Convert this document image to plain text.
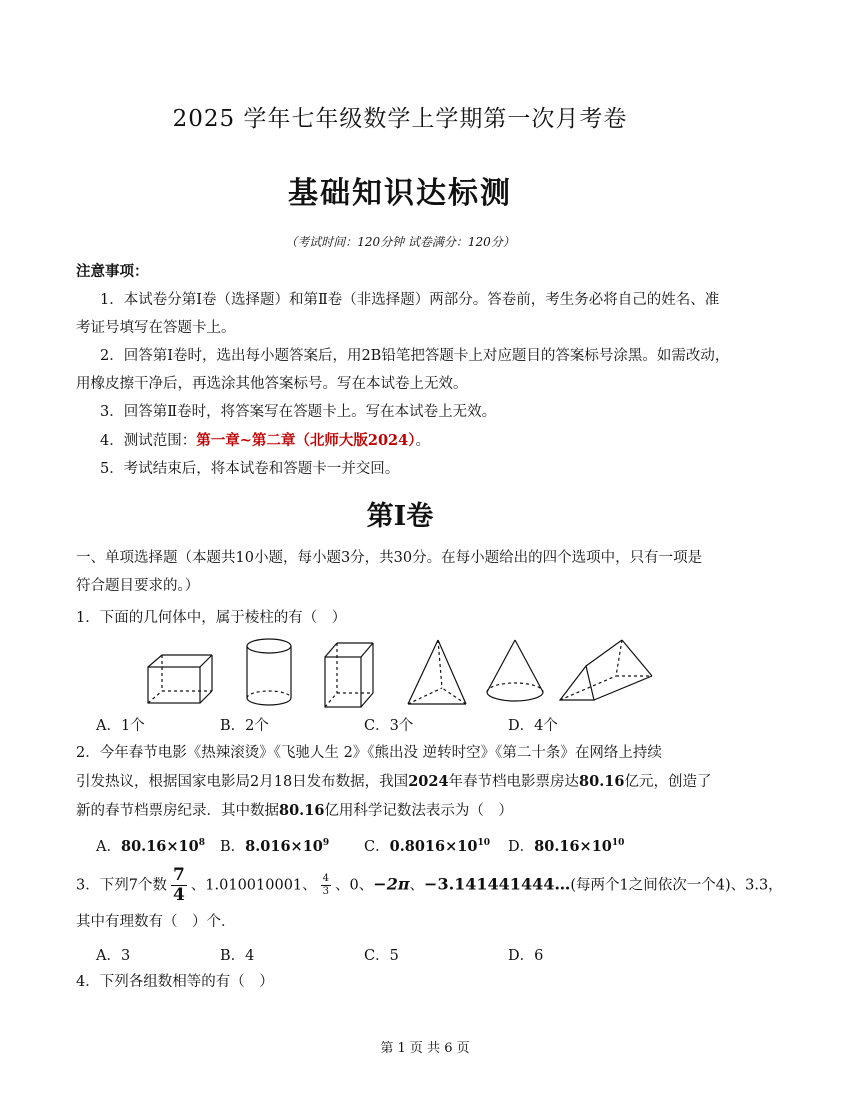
2025 学年七年级数学上学期第一次月考卷
基础知识达标测
（考试时间：120分钟 试卷满分：120分）
注意事项：
1．本试卷分第Ⅰ卷（选择题）和第Ⅱ卷（非选择题）两部分。答卷前，考生务必将自己的姓名、准
考证号填写在答题卡上。
2．回答第Ⅰ卷时，选出每小题答案后，用2B铅笔把答题卡上对应题目的答案标号涂黑。如需改动，
用橡皮擦干净后，再选涂其他答案标号。写在本试卷上无效。
3．回答第Ⅱ卷时，将答案写在答题卡上。写在本试卷上无效。
4．测试范围：第一章~第二章（北师大版2024）。
5．考试结束后，将本试卷和答题卡一并交回。
第I卷
一、单项选择题（本题共10小题，每小题3分，共30分。在每小题给出的四个选项中，只有一项是
符合题目要求的。）
1．下面的几何体中，属于棱柱的有（　）
A．1个	B．2个	C．3个	D．4个
2．今年春节电影《热辣滚烫》《飞驰人生 2》《熊出没 逆转时空》《第二十条》在网络上持续
引发热议，根据国家电影局2月18日发布数据，我国2024年春节档电影票房达80.16亿元，创造了
新的春节档票房纪录．其中数据80.16亿用科学记数法表示为（　）
A．$80.16\times 10^8$ B．$8.016\times 10^9$ C．$0.8016\times 10^{10}$ D．$80.16\times 10^{10}$
3．下列7个数 $\frac{7}{4}$ 、1.010010001、 $\frac{4}{3}$ 、0、−2π、−3.141441444…(每两个1之间依次一个4)、3.3，
其中有理数有（　）个．
A．3	B．4	C．5	D．6
4．下列各组数相等的有（　）
第 1 页 共 6 页
